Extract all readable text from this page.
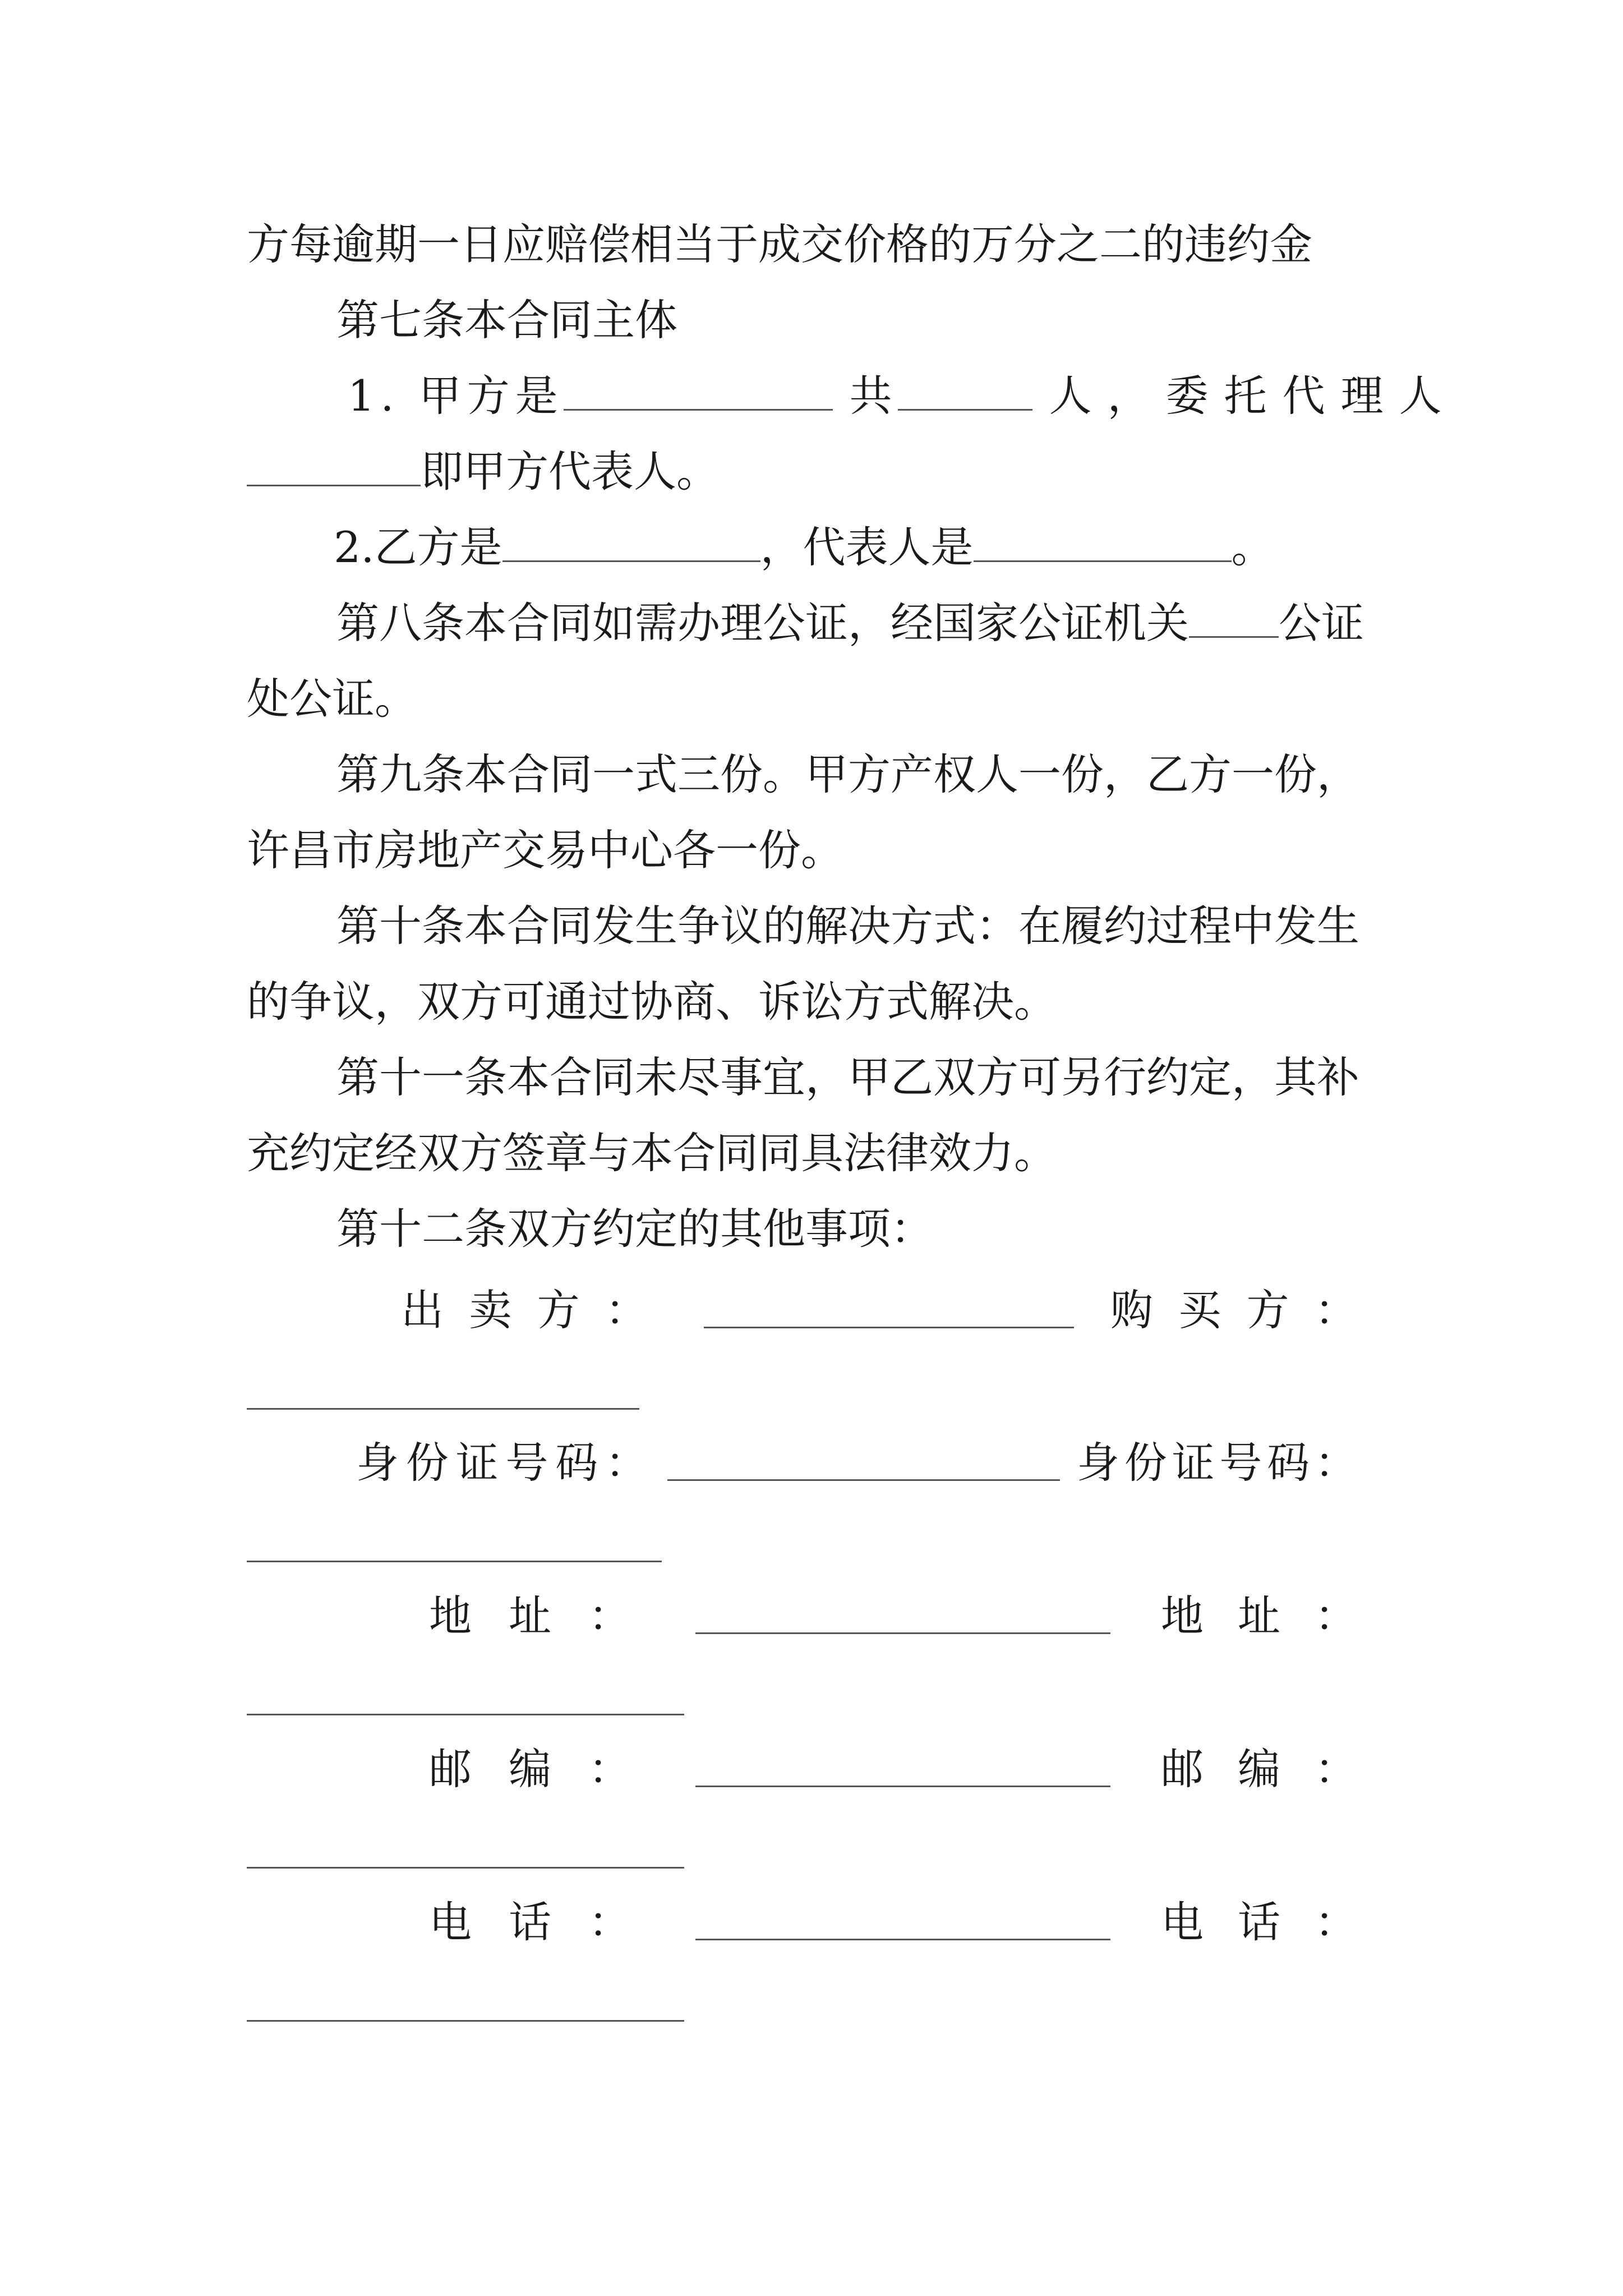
方每逾期一日应赔偿相当于成交价格的万分之二的违约金
第七条本合同主体
1. 甲方是	共	人，委托代理人
即甲方代表人。
2.乙方是	，代表人是	。
第八条本合同如需办理公证，经国家公证机关 公证
处公证。
第九条本合同一式三份。甲方产权人一份，乙方一份，
许昌市房地产交易中心各一份。
第十条本合同发生争议的解决方式：在履约过程中发生
的争议，双方可通过协商、诉讼方式解决。
第十一条本合同未尽事宜，甲乙双方可另行约定，其补
充约定经双方签章与本合同同具法律效力。
第十二条双方约定的其他事项：
出卖方：	购买方：
身份证号码：	身份证号码：
地址：	地址：
邮编：	邮编：
电话：	电话：
